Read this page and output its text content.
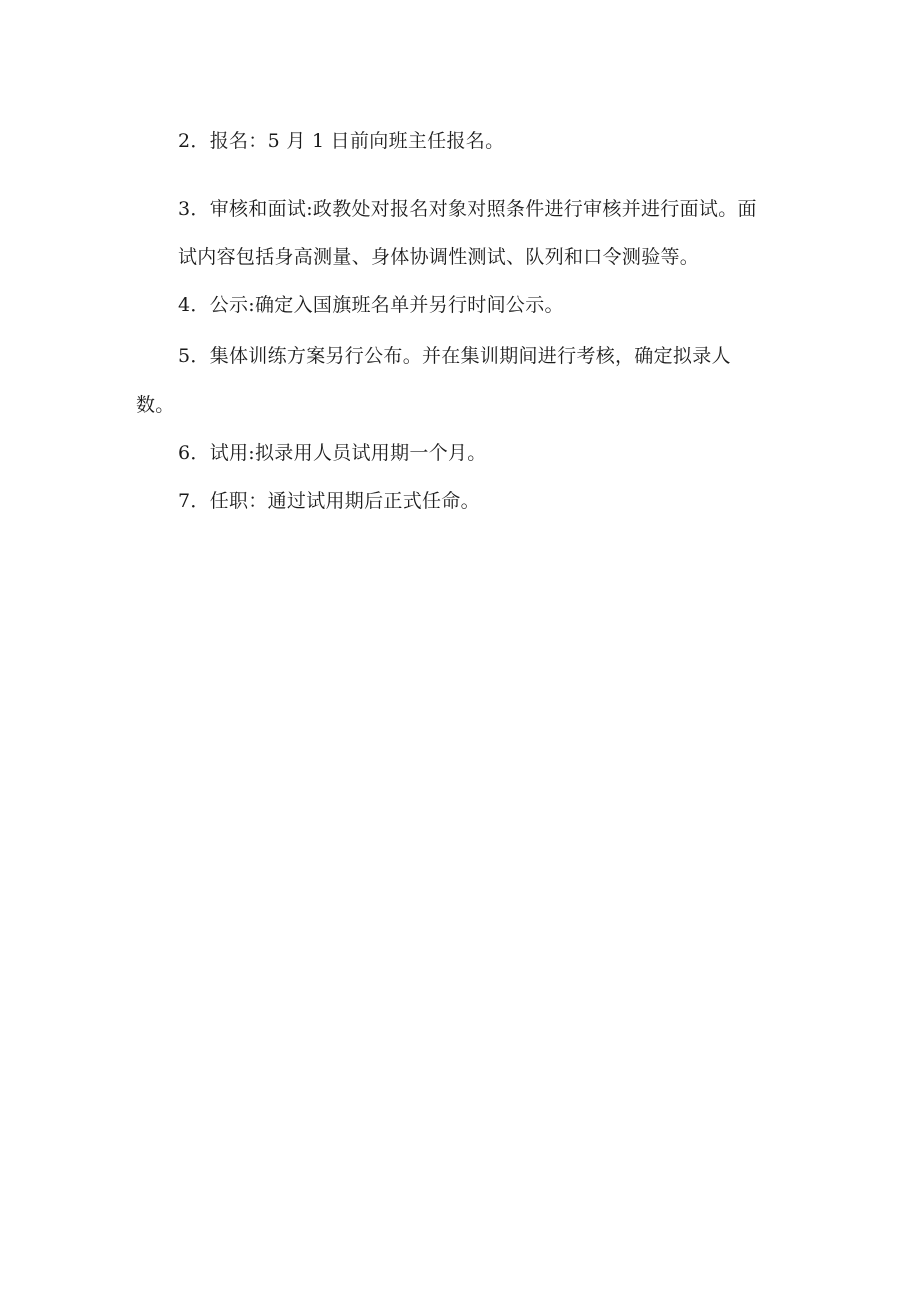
2．报名：5 月 1 日前向班主任报名。
3．审核和面试:政教处对报名对象对照条件进行审核并进行面试。面
试内容包括身高测量、身体协调性测试、队列和口令测验等。
4．公示:确定入国旗班名单并另行时间公示。
5．集体训练方案另行公布。并在集训期间进行考核，确定拟录人
数。
6．试用:拟录用人员试用期一个月。
7．任职：通过试用期后正式任命。
